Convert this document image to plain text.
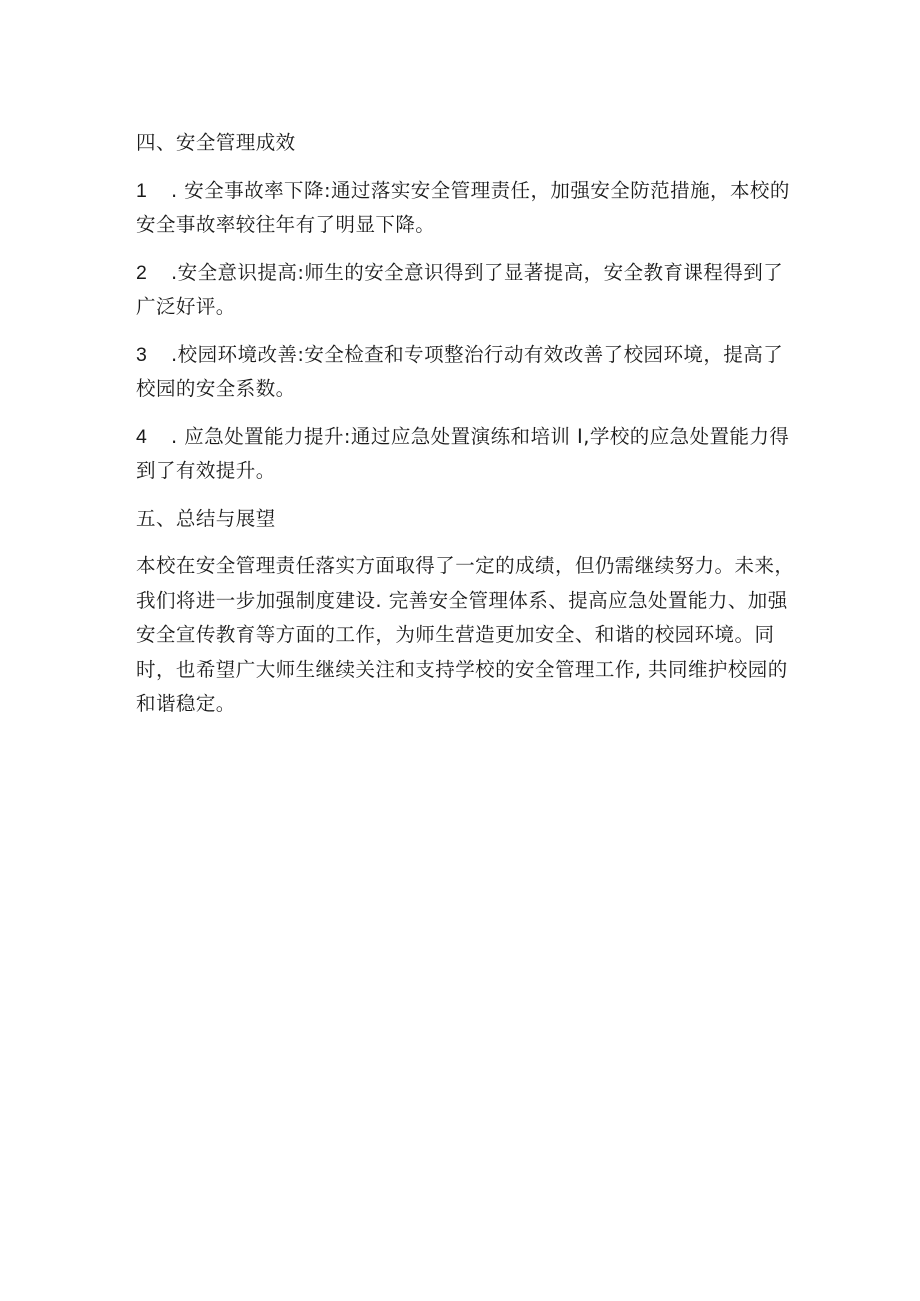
四、安全管理成效

1 . 安全事故率下降:通过落实安全管理责任，加强安全防范措施，本校的
安全事故率较往年有了明显下降。
2 .安全意识提高:师生的安全意识得到了显著提高，安全教育课程得到了
广泛好评。
3 .校园环境改善:安全检查和专项整治行动有效改善了校园环境，提高了
校园的安全系数。
4 . 应急处置能力提升:通过应急处置演练和培训 I,学校的应急处置能力得
到了有效提升。

五、总结与展望

本校在安全管理责任落实方面取得了一定的成绩，但仍需继续努力。未来，
我们将进一步加强制度建设. 完善安全管理体系、提高应急处置能力、加强
安全宣传教育等方面的工作，为师生营造更加安全、和谐的校园环境。同
时，也希望广大师生继续关注和支持学校的安全管理工作, 共同维护校园的
和谐稳定。
